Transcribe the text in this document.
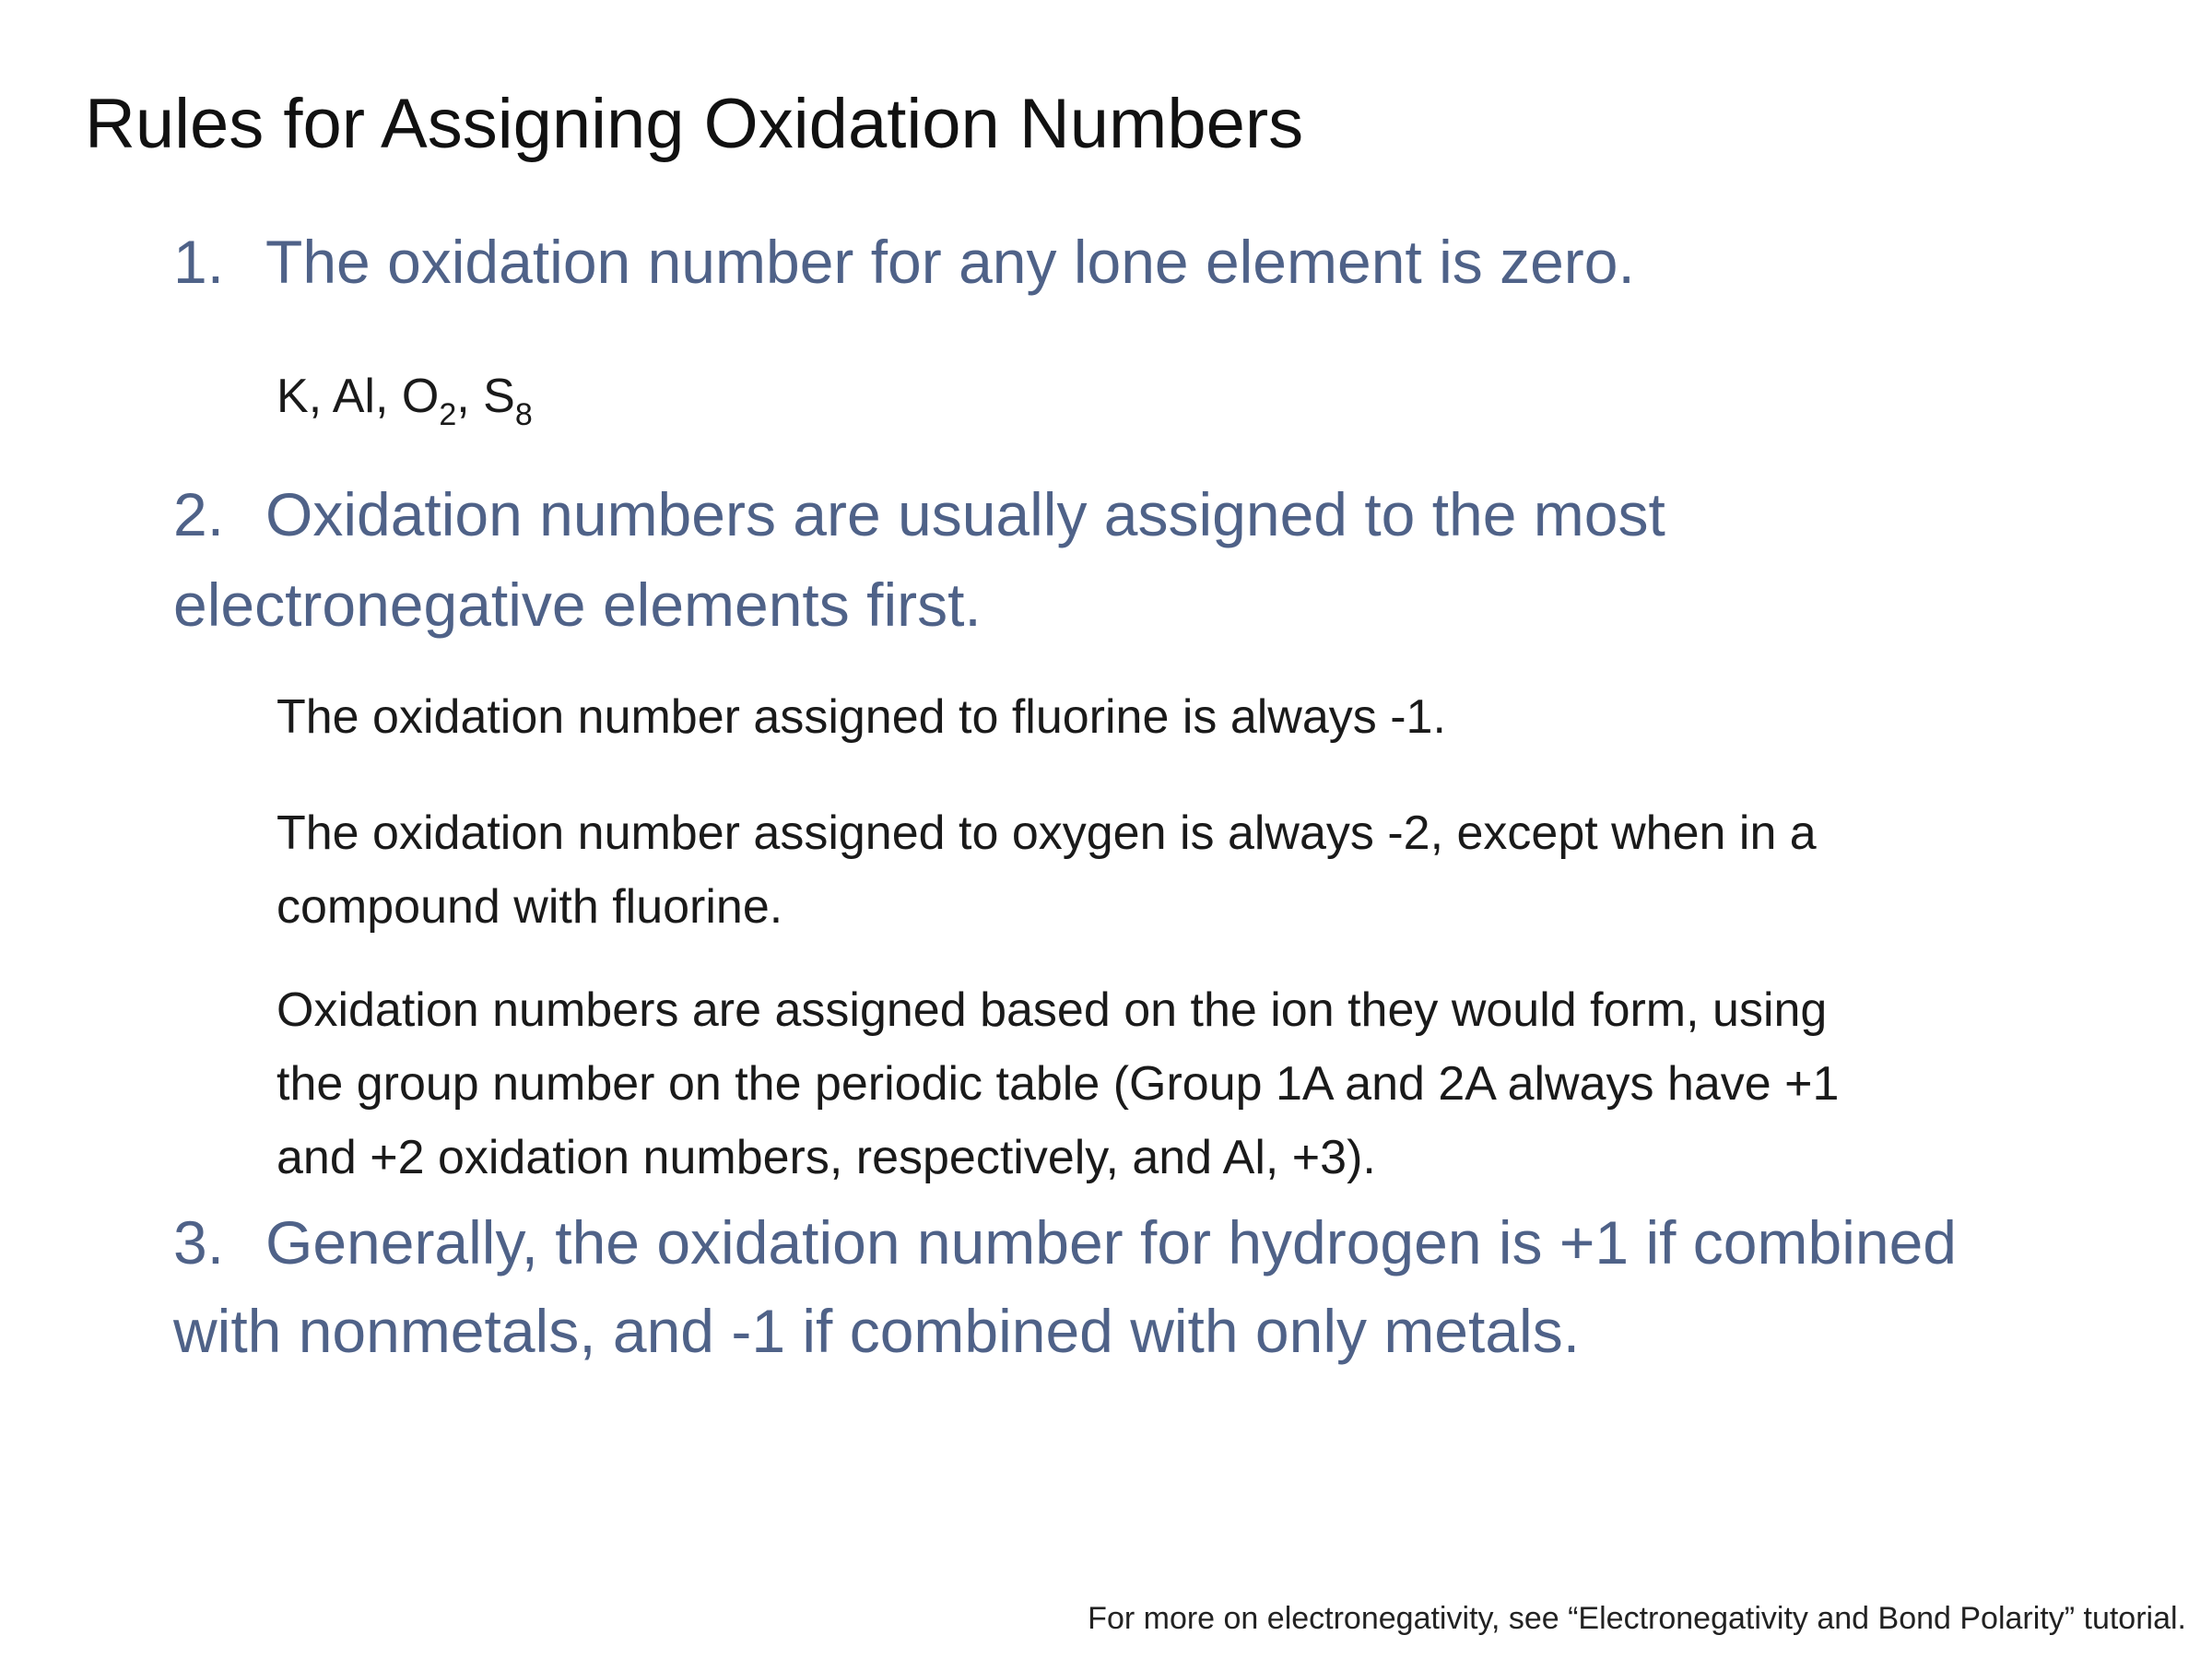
Rules for Assigning Oxidation Numbers
1. The oxidation number for any lone element is zero.
K, Al, $O_2$, $S_8$
2. Oxidation numbers are usually assigned to the most
electronegative elements first.
The oxidation number assigned to fluorine is always -1.
The oxidation number assigned to oxygen is always -2, except when in a
compound with fluorine.
Oxidation numbers are assigned based on the ion they would form, using
the group number on the periodic table (Group 1A and 2A always have +1
and +2 oxidation numbers, respectively, and Al, +3).
3. Generally, the oxidation number for hydrogen is +1 if combined
with nonmetals, and -1 if combined with only metals.
For more on electronegativity, see “Electronegativity and Bond Polarity” tutorial.
